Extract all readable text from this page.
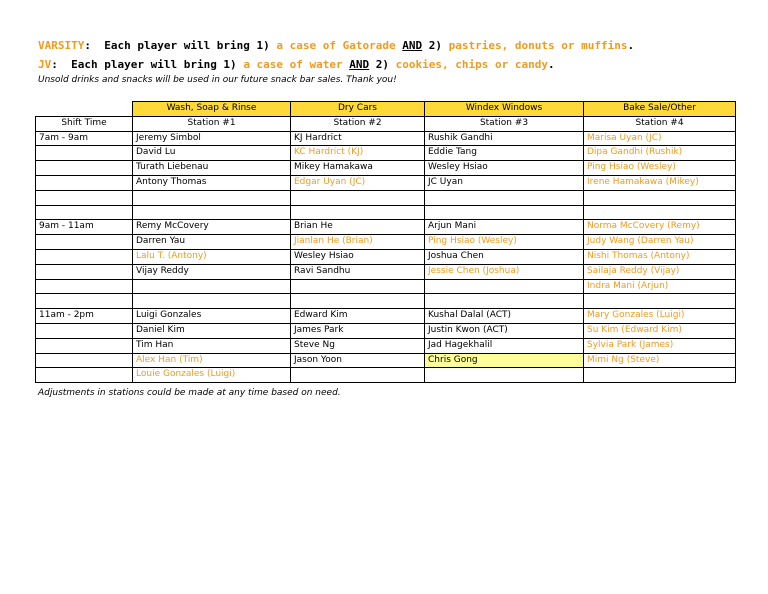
VARSITY:  Each player will bring 1) a case of Gatorade AND 2) pastries, donuts or muffins.
JV:  Each player will bring 1) a case of water AND 2) cookies, chips or candy.
Unsold drinks and snacks will be used in our future snack bar sales. Thank you!
	Wash, Soap & Rinse	Dry Cars	Windex Windows	Bake Sale/Other
Shift Time	Station #1	Station #2	Station #3	Station #4
7am - 9am	Jeremy Simbol	KJ Hardrict	Rushik Gandhi	Marisa Uyan (JC)
	David Lu	KC Hardrict (KJ)	Eddie Tang	Dipa Gandhi (Rushik)
	Turath Liebenau	Mikey Hamakawa	Wesley Hsiao	Ping Hsiao (Wesley)
	Antony Thomas	Edgar Uyan (JC)	JC Uyan	Irene Hamakawa (Mikey)

9am - 11am	Remy McCovery	Brian He	Arjun Mani	Norma McCovery (Remy)
	Darren Yau	Jianlan He (Brian)	Ping Hsiao (Wesley)	Judy Wang (Darren Yau)
	Lalu T. (Antony)	Wesley Hsiao	Joshua Chen	Nishi Thomas (Antony)
	Vijay Reddy	Ravi Sandhu	Jessie Chen (Joshua)	Sailaja Reddy (Vijay)
				Indra Mani (Arjun)

11am - 2pm	Luigi Gonzales	Edward Kim	Kushal Dalal (ACT)	Mary Gonzales (Luigi)
	Daniel Kim	James Park	Justin Kwon (ACT)	Su Kim (Edward Kim)
	Tim Han	Steve Ng	Jad Hagekhalil	Sylvia Park (James)
	Alex Han (Tim)	Jason Yoon	Chris Gong	Mimi Ng (Steve)
	Louie Gonzales (Luigi)			
Adjustments in stations could be made at any time based on need.
